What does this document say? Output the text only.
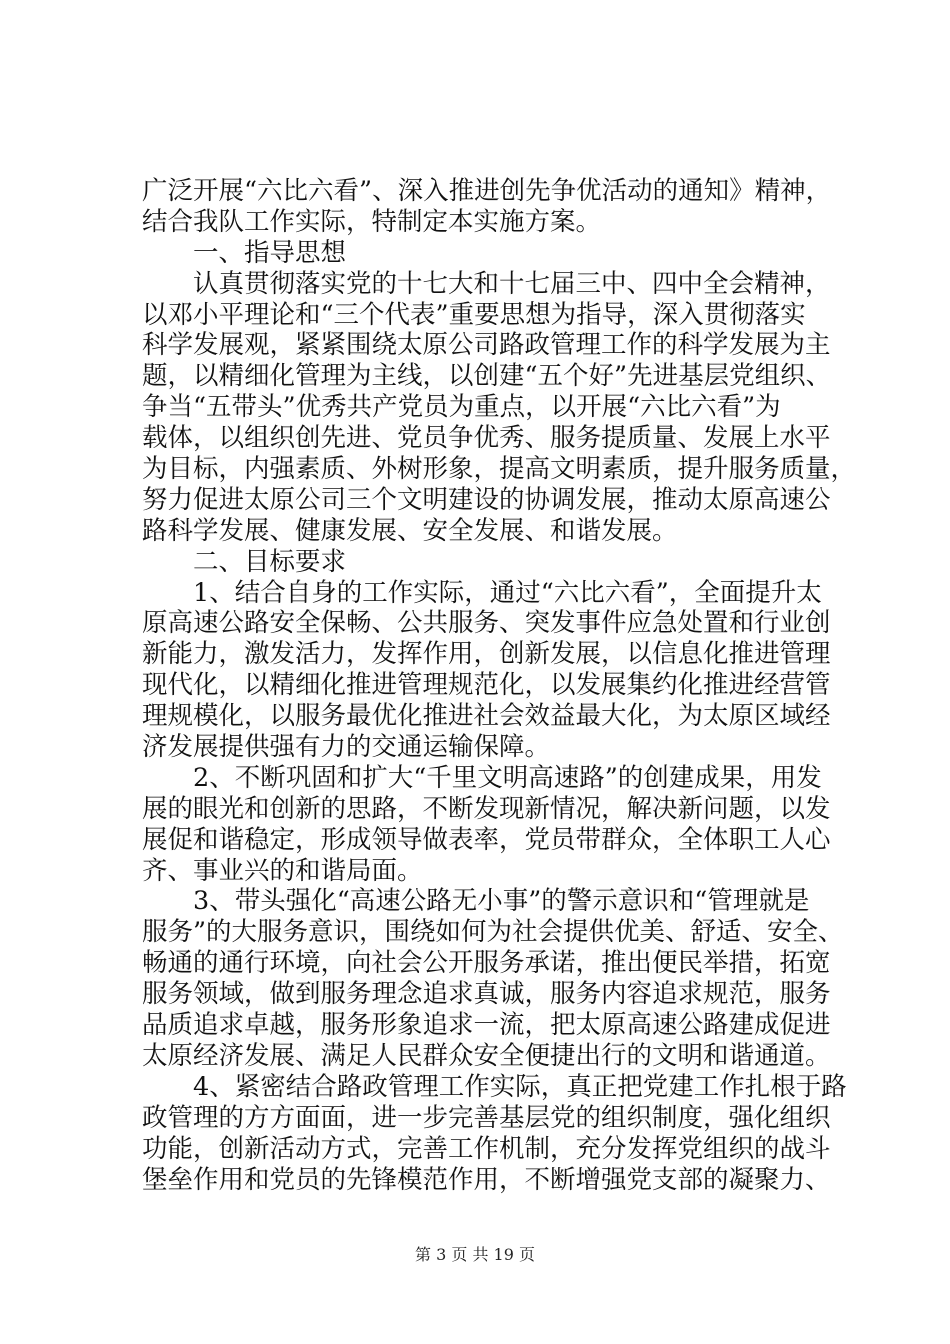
广泛开展“六比六看”、深入推进创先争优活动的通知》精神，
结合我队工作实际，特制定本实施方案。
　　一、指导思想
　　认真贯彻落实党的十七大和十七届三中、四中全会精神，
以邓小平理论和“三个代表”重要思想为指导，深入贯彻落实
科学发展观，紧紧围绕太原公司路政管理工作的科学发展为主
题，以精细化管理为主线，以创建“五个好”先进基层党组织、
争当“五带头”优秀共产党员为重点，以开展“六比六看”为
载体，以组织创先进、党员争优秀、服务提质量、发展上水平
为目标，内强素质、外树形象，提高文明素质，提升服务质量，
努力促进太原公司三个文明建设的协调发展，推动太原高速公
路科学发展、健康发展、安全发展、和谐发展。
　　二、目标要求
　　1、结合自身的工作实际，通过“六比六看”，全面提升太
原高速公路安全保畅、公共服务、突发事件应急处置和行业创
新能力，激发活力，发挥作用，创新发展，以信息化推进管理
现代化，以精细化推进管理规范化，以发展集约化推进经营管
理规模化，以服务最优化推进社会效益最大化，为太原区域经
济发展提供强有力的交通运输保障。
　　2、不断巩固和扩大“千里文明高速路”的创建成果，用发
展的眼光和创新的思路，不断发现新情况，解决新问题，以发
展促和谐稳定，形成领导做表率，党员带群众，全体职工人心
齐、事业兴的和谐局面。
　　3、带头强化“高速公路无小事”的警示意识和“管理就是
服务”的大服务意识，围绕如何为社会提供优美、舒适、安全、
畅通的通行环境，向社会公开服务承诺，推出便民举措，拓宽
服务领域，做到服务理念追求真诚，服务内容追求规范，服务
品质追求卓越，服务形象追求一流，把太原高速公路建成促进
太原经济发展、满足人民群众安全便捷出行的文明和谐通道。
　　4、紧密结合路政管理工作实际，真正把党建工作扎根于路
政管理的方方面面，进一步完善基层党的组织制度，强化组织
功能，创新活动方式，完善工作机制，充分发挥党组织的战斗
堡垒作用和党员的先锋模范作用，不断增强党支部的凝聚力、
第 3 页 共 19 页
